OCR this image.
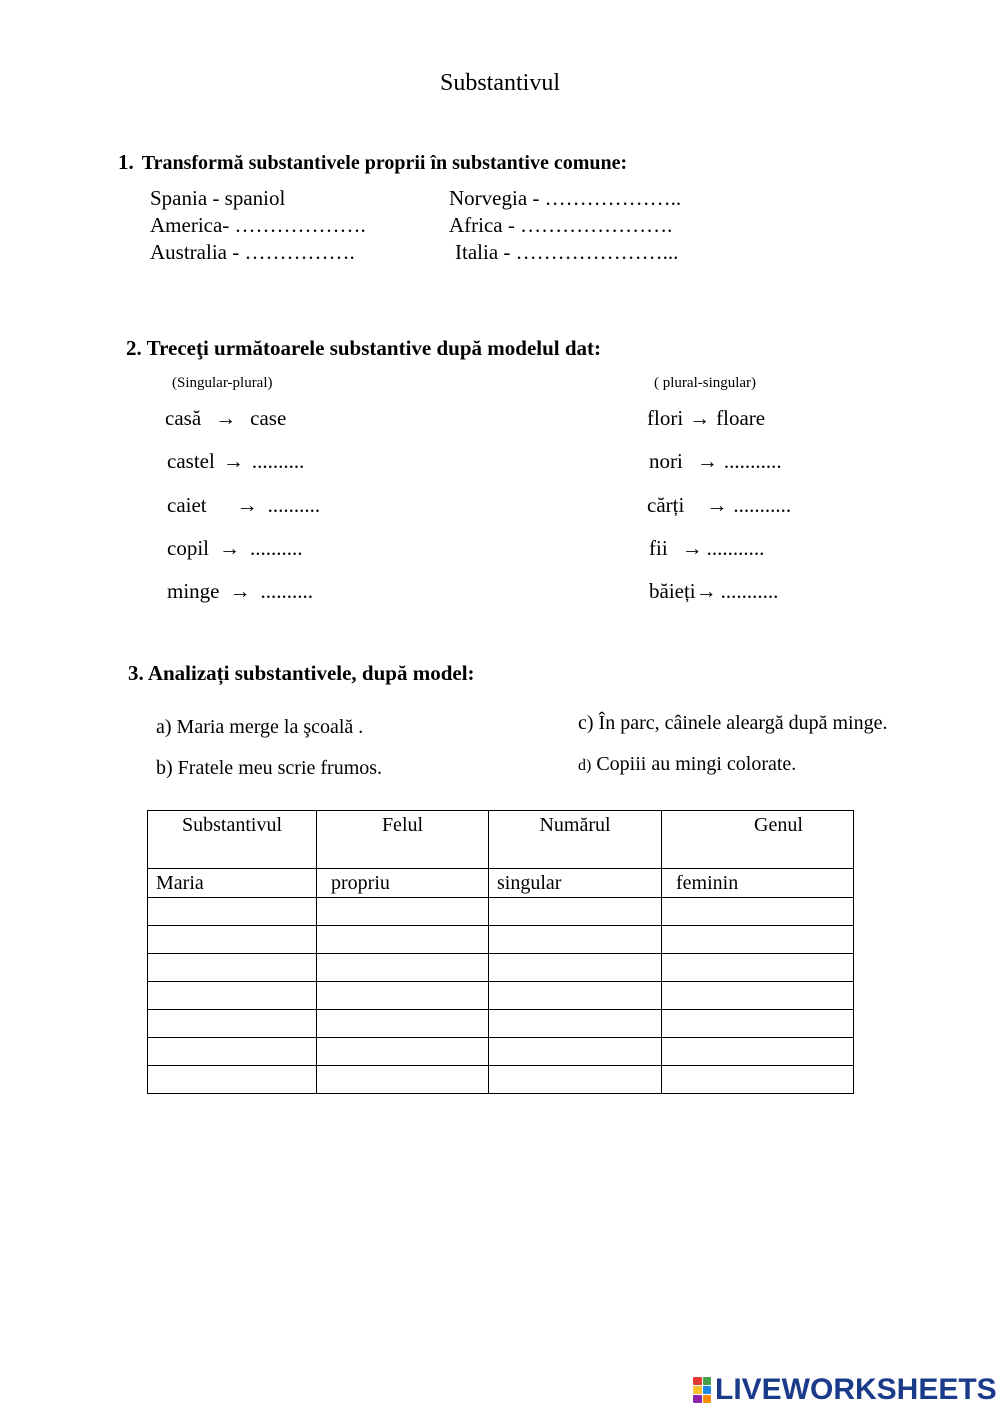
Substantivul
1. Transformă substantivele proprii în substantive comune:
Spania - spaniol
America- ……………….
Australia - …………….
Norvegia - ………………..
Africa - ………………….
Italia - …………………...
2. Treceţi următoarele substantive după modelul dat:
(Singular-plural)	( plural-singular)
casă → case
castel → ..........
caiet → ..........
copil → ..........
minge → ..........
flori → floare
nori → ...........
cărți → ...........
fii → ...........
băieți→ ...........
3. Analizați substantivele, după model:
a) Maria merge la şcoală .
b) Fratele meu scrie frumos.
c) În parc, câinele aleargă după minge.
d) Copiii au mingi colorate.
Substantivul	Felul	Numărul	Genul
Maria	propriu	singular	feminin

LIVEWORKSHEETS
